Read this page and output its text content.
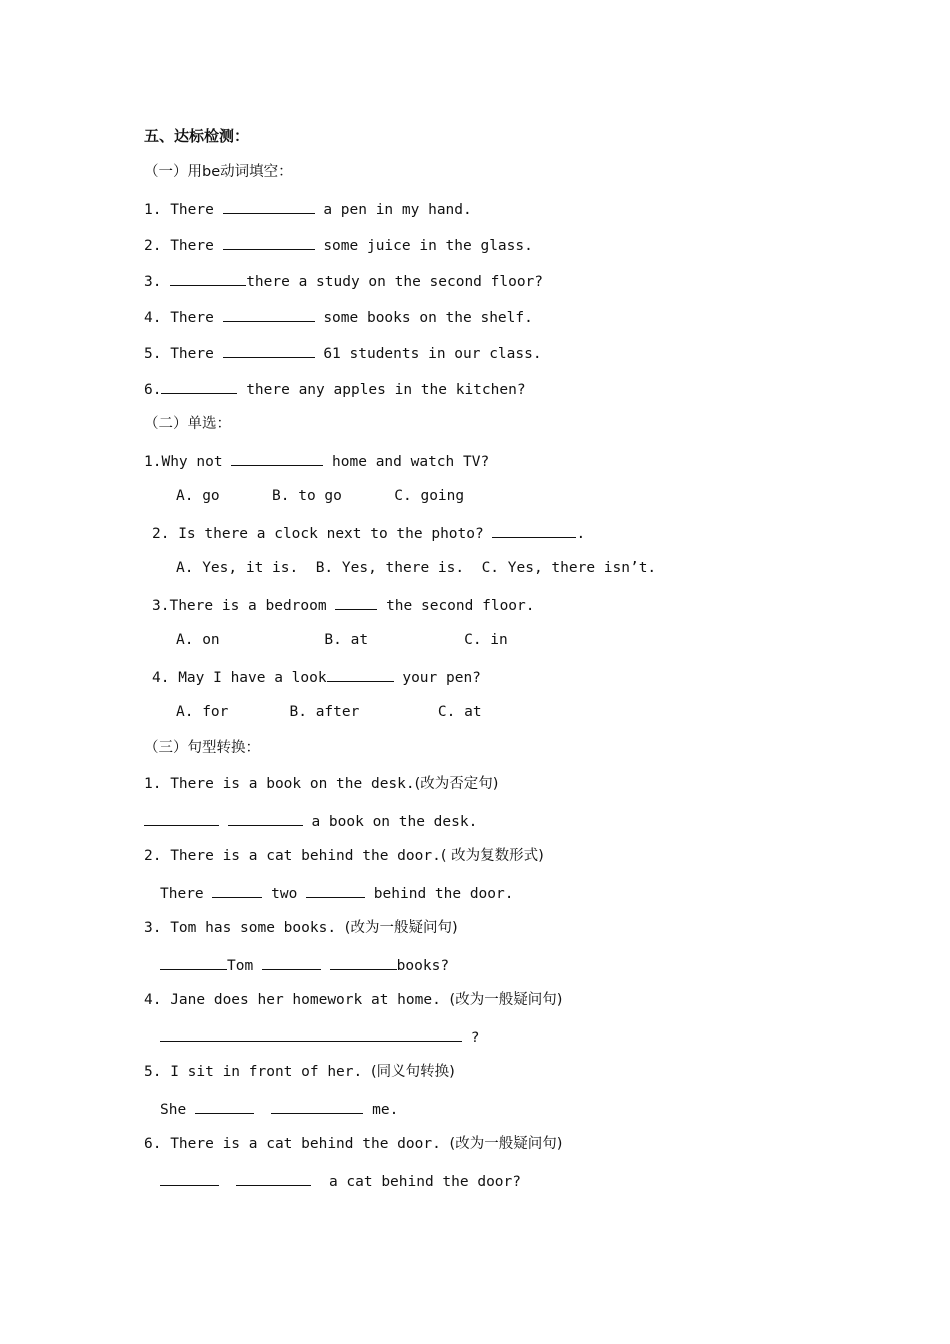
五、达标检测：
（一）用be动词填空：
1. There	a pen in my hand.
2. There	some juice in the glass.
3.	there a study on the second floor?
4. There	some books on the shelf.
5. There	61 students in our class.
6.	there any apples in the kitchen?
（二）单选：
1.Why not	home and watch TV?
A. go	B. to go	C. going
2. Is there a clock next to the photo?	.
A. Yes, it is. B. Yes, there is. C. Yes, there isn’t.
3.There is a bedroom	the second floor.
A. on	B. at	C. in
4. May I have a look	your pen?
A. for	B. after	C. at
（三）句型转换：
1. There is a book on the desk.(改为否定句)
a book on the desk.
2. There is a cat behind the door.( 改为复数形式)
There	two	behind the door.
3. Tom has some books. (改为一般疑问句)
Tom	books?
4. Jane does her homework at home. (改为一般疑问句)
?
5. I sit in front of her. (同义句转换)
She	me.
6. There is a cat behind the door. (改为一般疑问句)
a cat behind the door?
